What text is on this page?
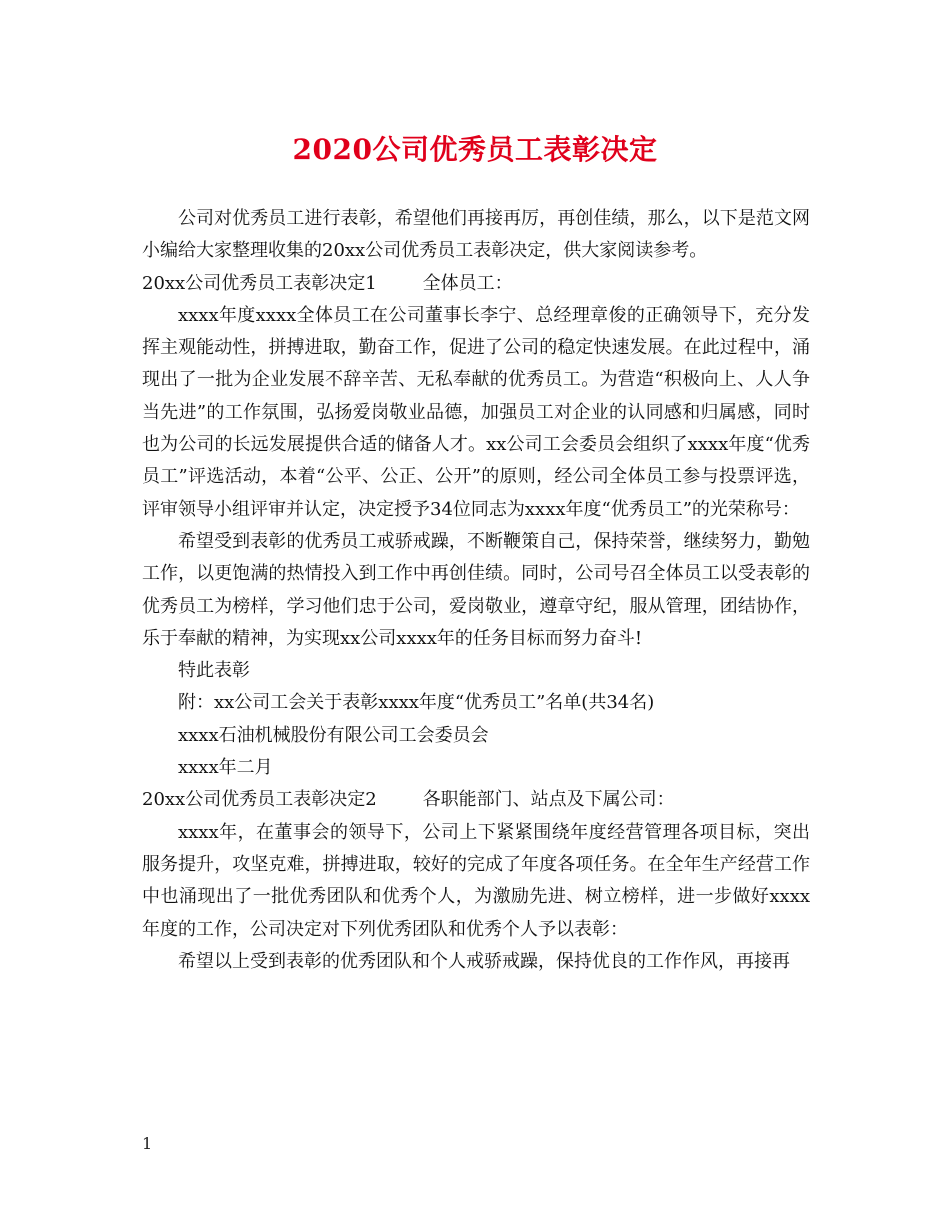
2020公司优秀员工表彰决定

公司对优秀员工进行表彰，希望他们再接再厉，再创佳绩，那么，以下是范文网小编给大家整理收集的20xx公司优秀员工表彰决定，供大家阅读参考。

20xx公司优秀员工表彰决定1	全体员工：

xxxx年度xxxx全体员工在公司董事长李宁、总经理章俊的正确领导下，充分发挥主观能动性，拼搏进取，勤奋工作，促进了公司的稳定快速发展。在此过程中，涌现出了一批为企业发展不辞辛苦、无私奉献的优秀员工。为营造“积极向上、人人争当先进”的工作氛围，弘扬爱岗敬业品德，加强员工对企业的认同感和归属感，同时也为公司的长远发展提供合适的储备人才。xx公司工会委员会组织了xxxx年度“优秀员工”评选活动，本着“公平、公正、公开”的原则，经公司全体员工参与投票评选，评审领导小组评审并认定，决定授予34位同志为xxxx年度“优秀员工”的光荣称号：

希望受到表彰的优秀员工戒骄戒躁，不断鞭策自己，保持荣誉，继续努力，勤勉工作，以更饱满的热情投入到工作中再创佳绩。同时，公司号召全体员工以受表彰的优秀员工为榜样，学习他们忠于公司，爱岗敬业，遵章守纪，服从管理，团结协作，乐于奉献的精神，为实现xx公司xxxx年的任务目标而努力奋斗!

特此表彰

附：xx公司工会关于表彰xxxx年度“优秀员工”名单(共34名)

xxxx石油机械股份有限公司工会委员会

xxxx年二月

20xx公司优秀员工表彰决定2	各职能部门、站点及下属公司：

xxxx年，在董事会的领导下，公司上下紧紧围绕年度经营管理各项目标，突出服务提升，攻坚克难，拼搏进取，较好的完成了年度各项任务。在全年生产经营工作中也涌现出了一批优秀团队和优秀个人，为激励先进、树立榜样，进一步做好xxxx年度的工作，公司决定对下列优秀团队和优秀个人予以表彰：

希望以上受到表彰的优秀团队和个人戒骄戒躁，保持优良的工作作风，再接再

1
